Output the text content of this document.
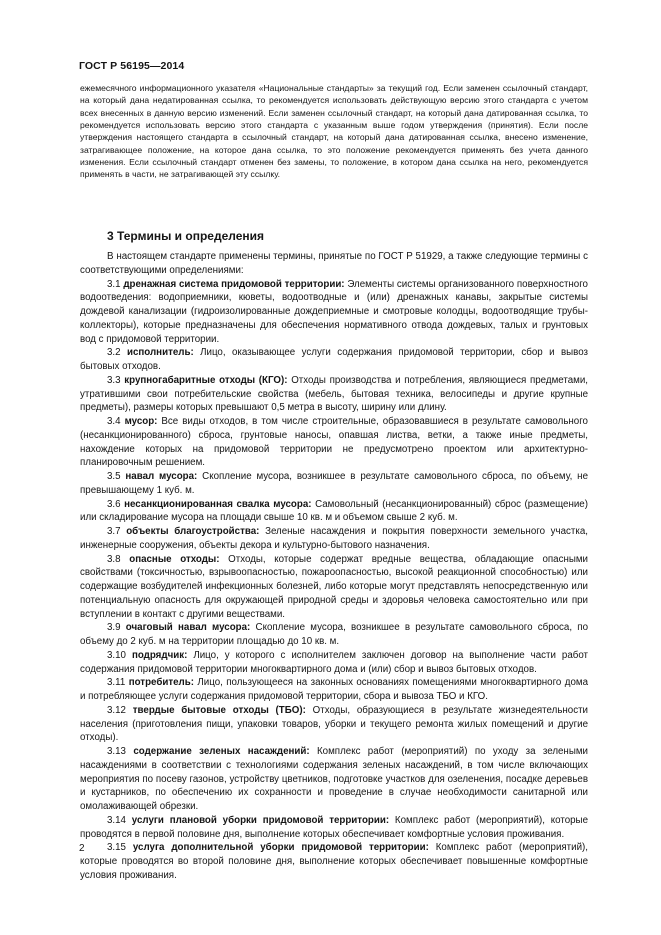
ГОСТ Р 56195—2014

ежемесячного информационного указателя «Национальные стандарты» за текущий год. Если заменен ссылочный стандарт, на который дана недатированная ссылка, то рекомендуется использовать действующую версию этого стандарта с учетом всех внесенных в данную версию изменений. Если заменен ссылочный стандарт, на который дана датированная ссылка, то рекомендуется использовать версию этого стандарта с указанным выше годом утверждения (принятия). Если после утверждения настоящего стандарта в ссылочный стандарт, на который дана датированная ссылка, внесено изменение, затрагивающее положение, на которое дана ссылка, то это положение рекомендуется применять без учета данного изменения. Если ссылочный стандарт отменен без замены, то положение, в котором дана ссылка на него, рекомендуется применять в части, не затрагивающей эту ссылку.

3 Термины и определения

В настоящем стандарте применены термины, принятые по ГОСТ Р 51929, а также следующие термины с соответствующими определениями:

3.1 дренажная система придомовой территории: Элементы системы организованного поверхностного водоотведения: водоприемники, кюветы, водоотводные и (или) дренажных канавы, закрытые системы дождевой канализации (гидроизолированные дождеприемные и смотровые колодцы, водоотводящие трубы-коллекторы), которые предназначены для обеспечения нормативного отвода дождевых, талых и грунтовых вод с придомовой территории.

3.2 исполнитель: Лицо, оказывающее услуги содержания придомовой территории, сбор и вывоз бытовых отходов.

3.3 крупногабаритные отходы (КГО): Отходы производства и потребления, являющиеся предметами, утратившими свои потребительские свойства (мебель, бытовая техника, велосипеды и другие крупные предметы), размеры которых превышают 0,5 метра в высоту, ширину или длину.

3.4 мусор: Все виды отходов, в том числе строительные, образовавшиеся в результате самовольного (несанкционированного) сброса, грунтовые наносы, опавшая листва, ветки, а также иные предметы, нахождение которых на придомовой территории не предусмотрено проектом или архитектурно-планировочным решением.

3.5 навал мусора: Скопление мусора, возникшее в результате самовольного сброса, по объему, не превышающему 1 куб. м.

3.6 несанкционированная свалка мусора: Самовольный (несанкционированный) сброс (размещение) или складирование мусора на площади свыше 10 кв. м и объемом свыше 2 куб. м.

3.7 объекты благоустройства: Зеленые насаждения и покрытия поверхности земельного участка, инженерные сооружения, объекты декора и культурно-бытового назначения.

3.8 опасные отходы: Отходы, которые содержат вредные вещества, обладающие опасными свойствами (токсичностью, взрывоопасностью, пожароопасностью, высокой реакционной способностью) или содержащие возбудителей инфекционных болезней, либо которые могут представлять непосредственную или потенциальную опасность для окружающей природной среды и здоровья человека самостоятельно или при вступлении в контакт с другими веществами.

3.9 очаговый навал мусора: Скопление мусора, возникшее в результате самовольного сброса, по объему до 2 куб. м на территории площадью до 10 кв. м.

3.10 подрядчик: Лицо, у которого с исполнителем заключен договор на выполнение части работ содержания придомовой территории многоквартирного дома и (или) сбор и вывоз бытовых отходов.

3.11 потребитель: Лицо, пользующееся на законных основаниях помещениями многоквартирного дома и потребляющее услуги содержания придомовой территории, сбора и вывоза ТБО и КГО.

3.12 твердые бытовые отходы (ТБО): Отходы, образующиеся в результате жизнедеятельности населения (приготовления пищи, упаковки товаров, уборки и текущего ремонта жилых помещений и другие отходы).

3.13 содержание зеленых насаждений: Комплекс работ (мероприятий) по уходу за зелеными насаждениями в соответствии с технологиями содержания зеленых насаждений, в том числе включающих мероприятия по посеву газонов, устройству цветников, подготовке участков для озеленения, посадке деревьев и кустарников, по обеспечению их сохранности и проведение в случае необходимости санитарной или омолаживающей обрезки.

3.14 услуги плановой уборки придомовой территории: Комплекс работ (мероприятий), которые проводятся в первой половине дня, выполнение которых обеспечивает комфортные условия проживания.

3.15 услуга дополнительной уборки придомовой территории: Комплекс работ (мероприятий), которые проводятся во второй половине дня, выполнение которых обеспечивает повышенные комфортные условия проживания.

2
